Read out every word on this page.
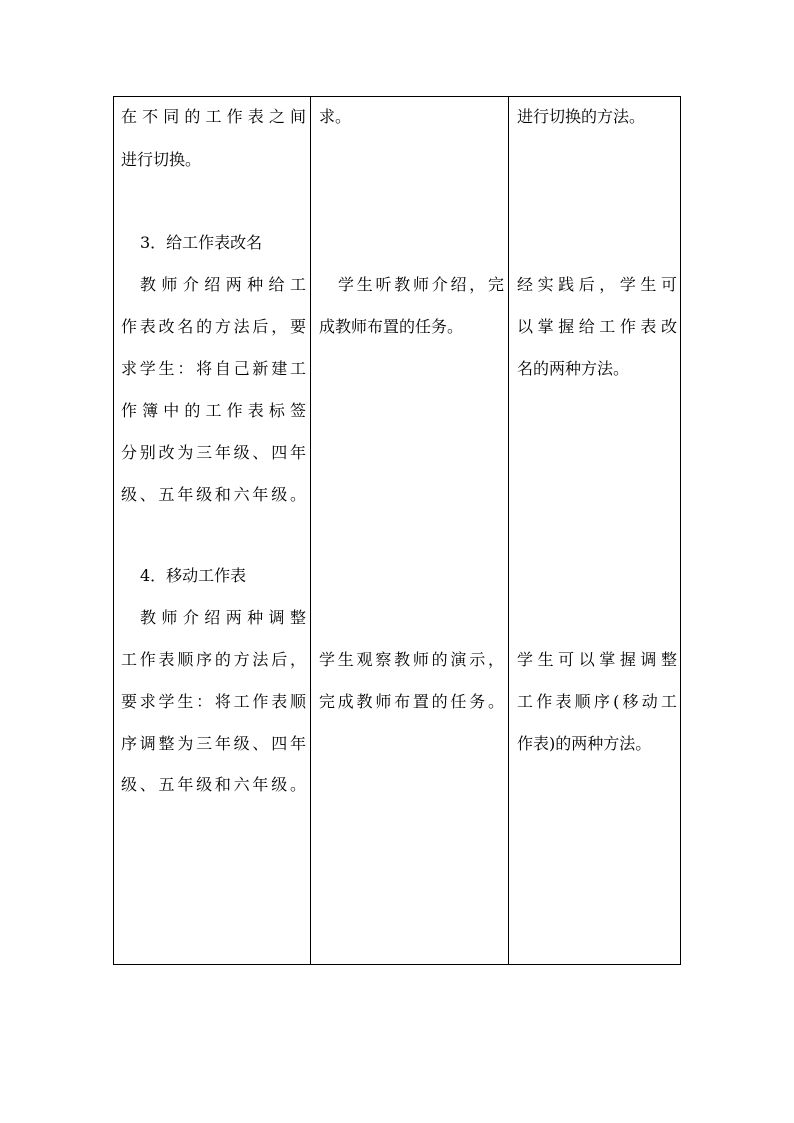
在不同的工作表之间
进行切换。
3．给工作表改名
教师介绍两种给工
作表改名的方法后，要
求学生：将自己新建工
作簿中的工作表标签
分别改为三年级、四年
级、五年级和六年级。
4．移动工作表
教师介绍两种调整
工作表顺序的方法后，
要求学生：将工作表顺
序调整为三年级、四年
级、五年级和六年级。
求。
学生听教师介绍，完
成教师布置的任务。
学生观察教师的演示，
完成教师布置的任务。
进行切换的方法。
经实践后，学生可
以掌握给工作表改
名的两种方法。
学生可以掌握调整
工作表顺序(移动工
作表)的两种方法。
